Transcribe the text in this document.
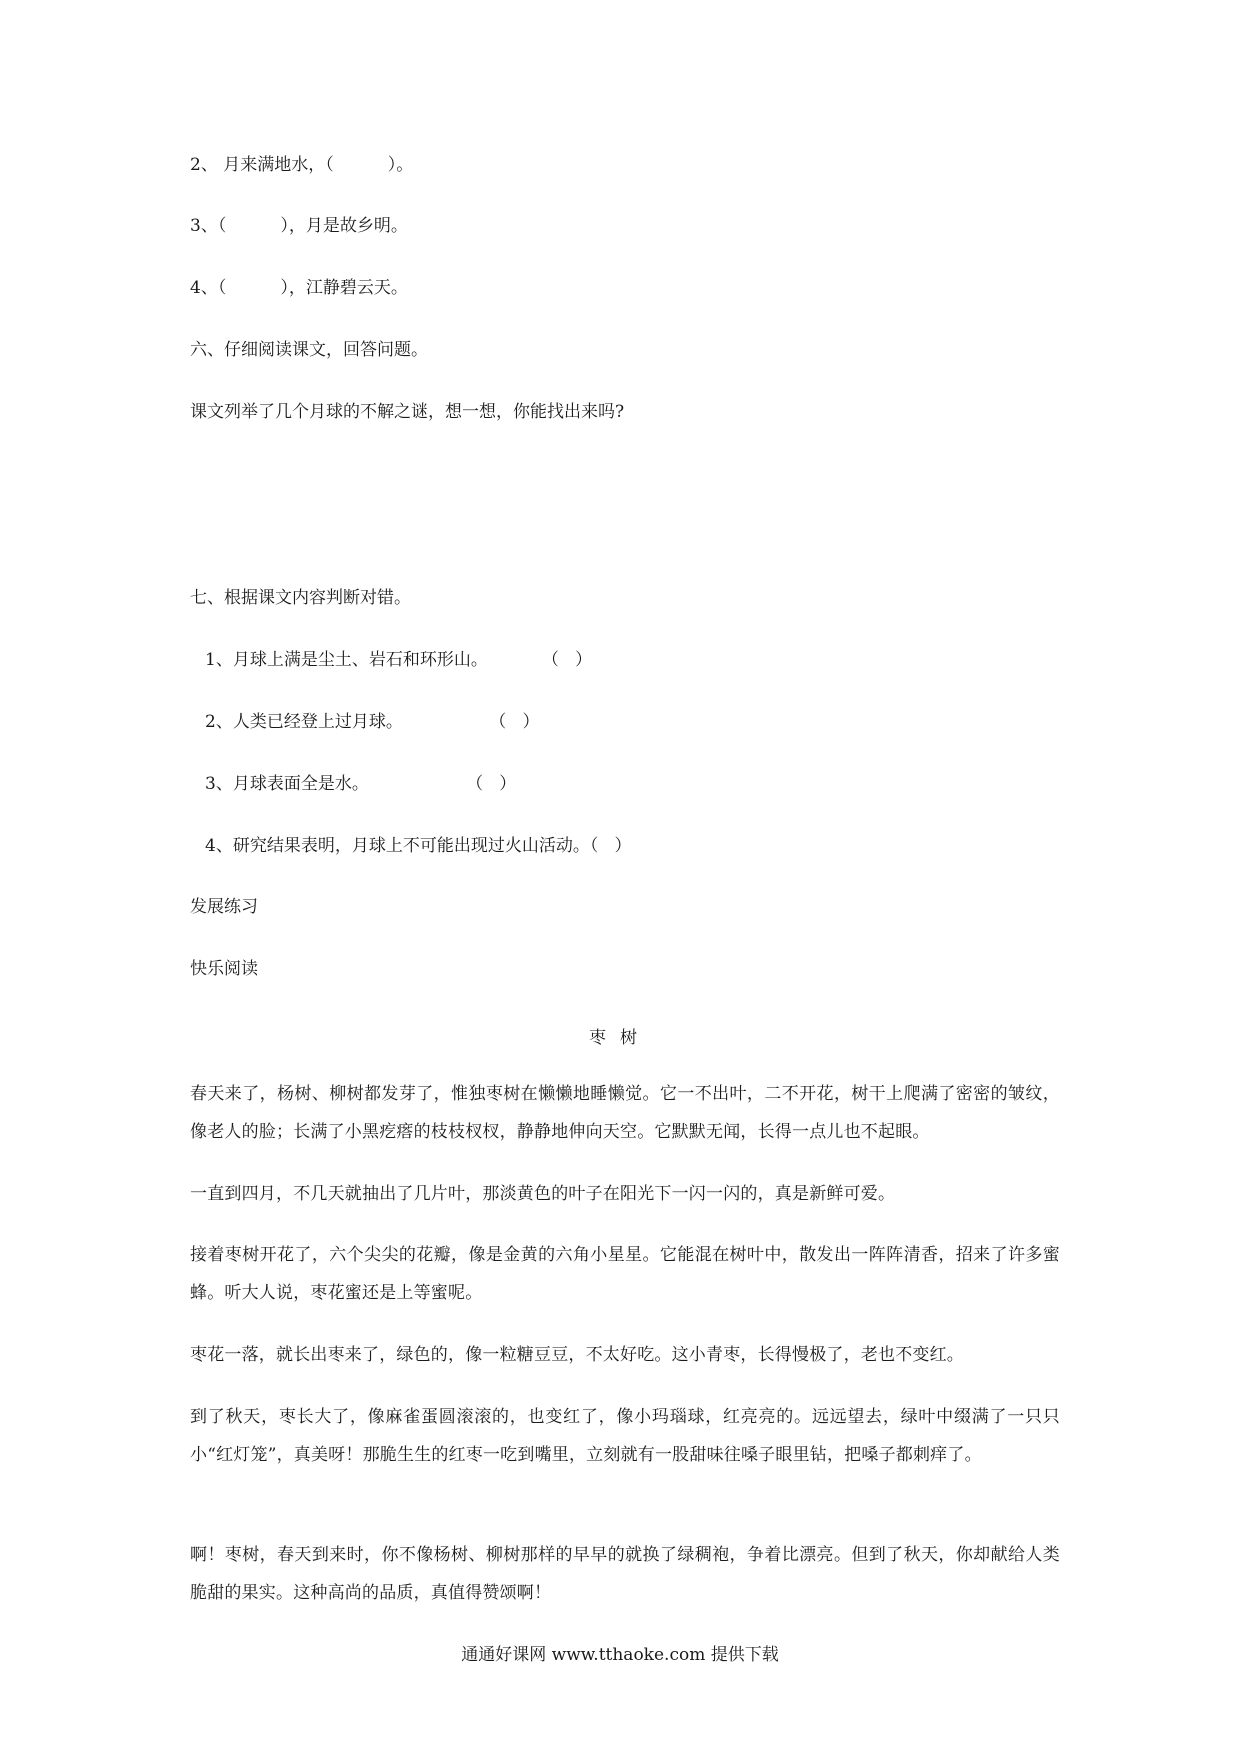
2、 月来满地水，（          ）。
3、（          ），月是故乡明。
4、（          ），江静碧云天。
六、仔细阅读课文，回答问题。
课文列举了几个月球的不解之谜，想一想，你能找出来吗?
七、根据课文内容判断对错。
1、月球上满是尘土、岩石和环形山。          （   ）
2、人类已经登上过月球。                （   ）
3、月球表面全是水。                  （   ）
4、研究结果表明，月球上不可能出现过火山活动。（   ）
发展练习
快乐阅读
枣树
春天来了，杨树、柳树都发芽了，惟独枣树在懒懒地睡懒觉。它一不出叶，二不开花，树干上爬满了密密的皱纹，像老人的脸；长满了小黑疙瘩的枝枝杈杈，静静地伸向天空。它默默无闻，长得一点儿也不起眼。
一直到四月，不几天就抽出了几片叶，那淡黄色的叶子在阳光下一闪一闪的，真是新鲜可爱。
接着枣树开花了，六个尖尖的花瓣，像是金黄的六角小星星。它能混在树叶中，散发出一阵阵清香，招来了许多蜜蜂。听大人说，枣花蜜还是上等蜜呢。
枣花一落，就长出枣来了，绿色的，像一粒糖豆豆，不太好吃。这小青枣，长得慢极了，老也不变红。
到了秋天，枣长大了，像麻雀蛋圆滚滚的，也变红了，像小玛瑙球，红亮亮的。远远望去，绿叶中缀满了一只只小“红灯笼”，真美呀！那脆生生的红枣一吃到嘴里，立刻就有一股甜味往嗓子眼里钻，把嗓子都刺痒了。
啊！枣树，春天到来时，你不像杨树、柳树那样的早早的就换了绿稠袍，争着比漂亮。但到了秋天，你却献给人类脆甜的果实。这种高尚的品质，真值得赞颂啊！
通通好课网 www.tthaoke.com 提供下载
